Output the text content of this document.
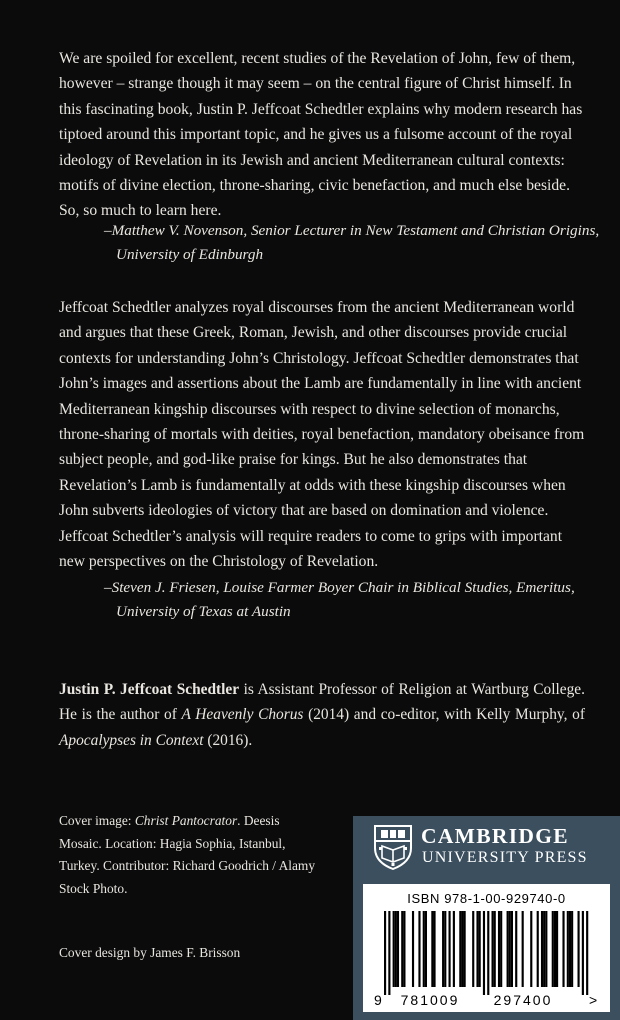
We are spoiled for excellent, recent studies of the Revelation of John, few of them, however – strange though it may seem – on the central figure of Christ himself. In this fascinating book, Justin P. Jeffcoat Schedtler explains why modern research has tiptoed around this important topic, and he gives us a fulsome account of the royal ideology of Revelation in its Jewish and ancient Mediterranean cultural contexts: motifs of divine election, throne-sharing, civic benefaction, and much else beside. So, so much to learn here.
–Matthew V. Novenson, Senior Lecturer in New Testament and Christian Origins, University of Edinburgh
Jeffcoat Schedtler analyzes royal discourses from the ancient Mediterranean world and argues that these Greek, Roman, Jewish, and other discourses provide crucial contexts for understanding John’s Christology. Jeffcoat Schedtler demonstrates that John’s images and assertions about the Lamb are fundamentally in line with ancient Mediterranean kingship discourses with respect to divine selection of monarchs, throne-sharing of mortals with deities, royal benefaction, mandatory obeisance from subject people, and god-like praise for kings. But he also demonstrates that Revelation’s Lamb is fundamentally at odds with these kingship discourses when John subverts ideologies of victory that are based on domination and violence. Jeffcoat Schedtler’s analysis will require readers to come to grips with important new perspectives on the Christology of Revelation.
–Steven J. Friesen, Louise Farmer Boyer Chair in Biblical Studies, Emeritus, University of Texas at Austin
Justin P. Jeffcoat Schedtler is Assistant Professor of Religion at Wartburg College. He is the author of A Heavenly Chorus (2014) and co-editor, with Kelly Murphy, of Apocalypses in Context (2016).
Cover image: Christ Pantocrator. Deesis Mosaic. Location: Hagia Sophia, Istanbul, Turkey. Contributor: Richard Goodrich / Alamy Stock Photo.
Cover design by James F. Brisson
CAMBRIDGE
UNIVERSITY PRESS
ISBN 978-1-00-929740-0
9 781009 297400	>
